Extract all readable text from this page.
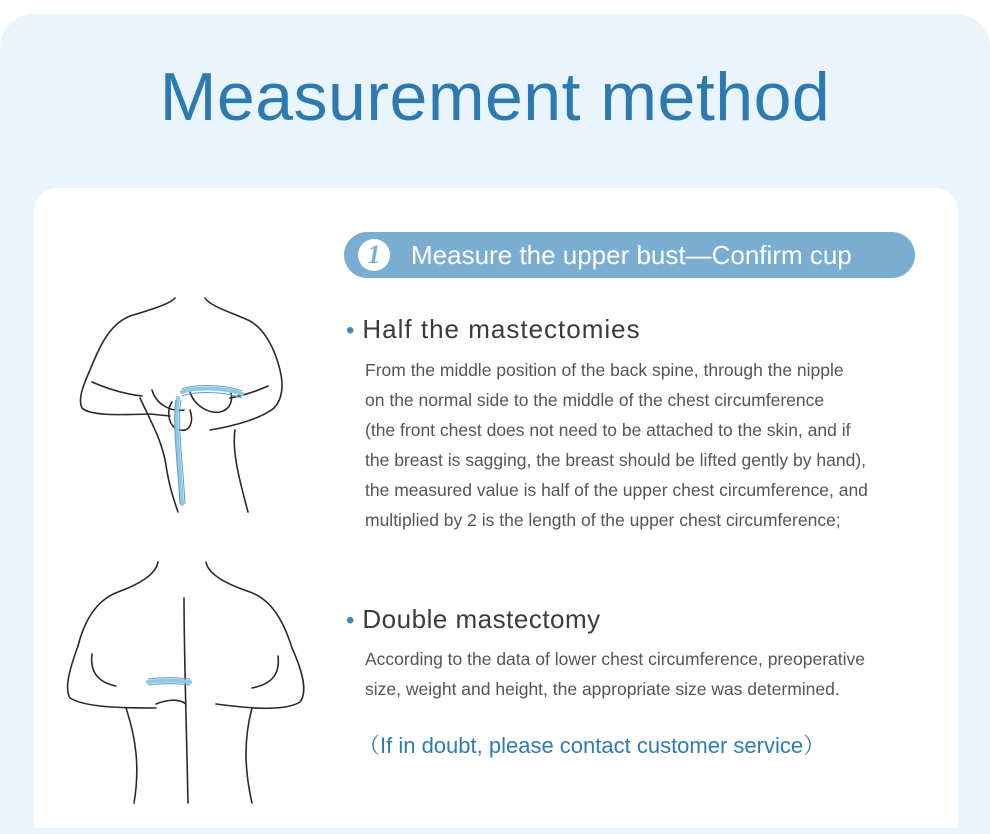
Measurement method
1	Measure the upper bust—Confirm cup
• Half the mastectomies

From the middle position of the back spine, through the nipple

on the normal side to the middle of the chest circumference

(the front chest does not need to be attached to the skin, and if

the breast is sagging, the breast should be lifted gently by hand),

the measured value is half of the upper chest circumference, and

multiplied by 2 is the length of the upper chest circumference;

• Double mastectomy

According to the data of lower chest circumference, preoperative

size, weight and height, the appropriate size was determined.

（If in doubt, please contact customer service）
